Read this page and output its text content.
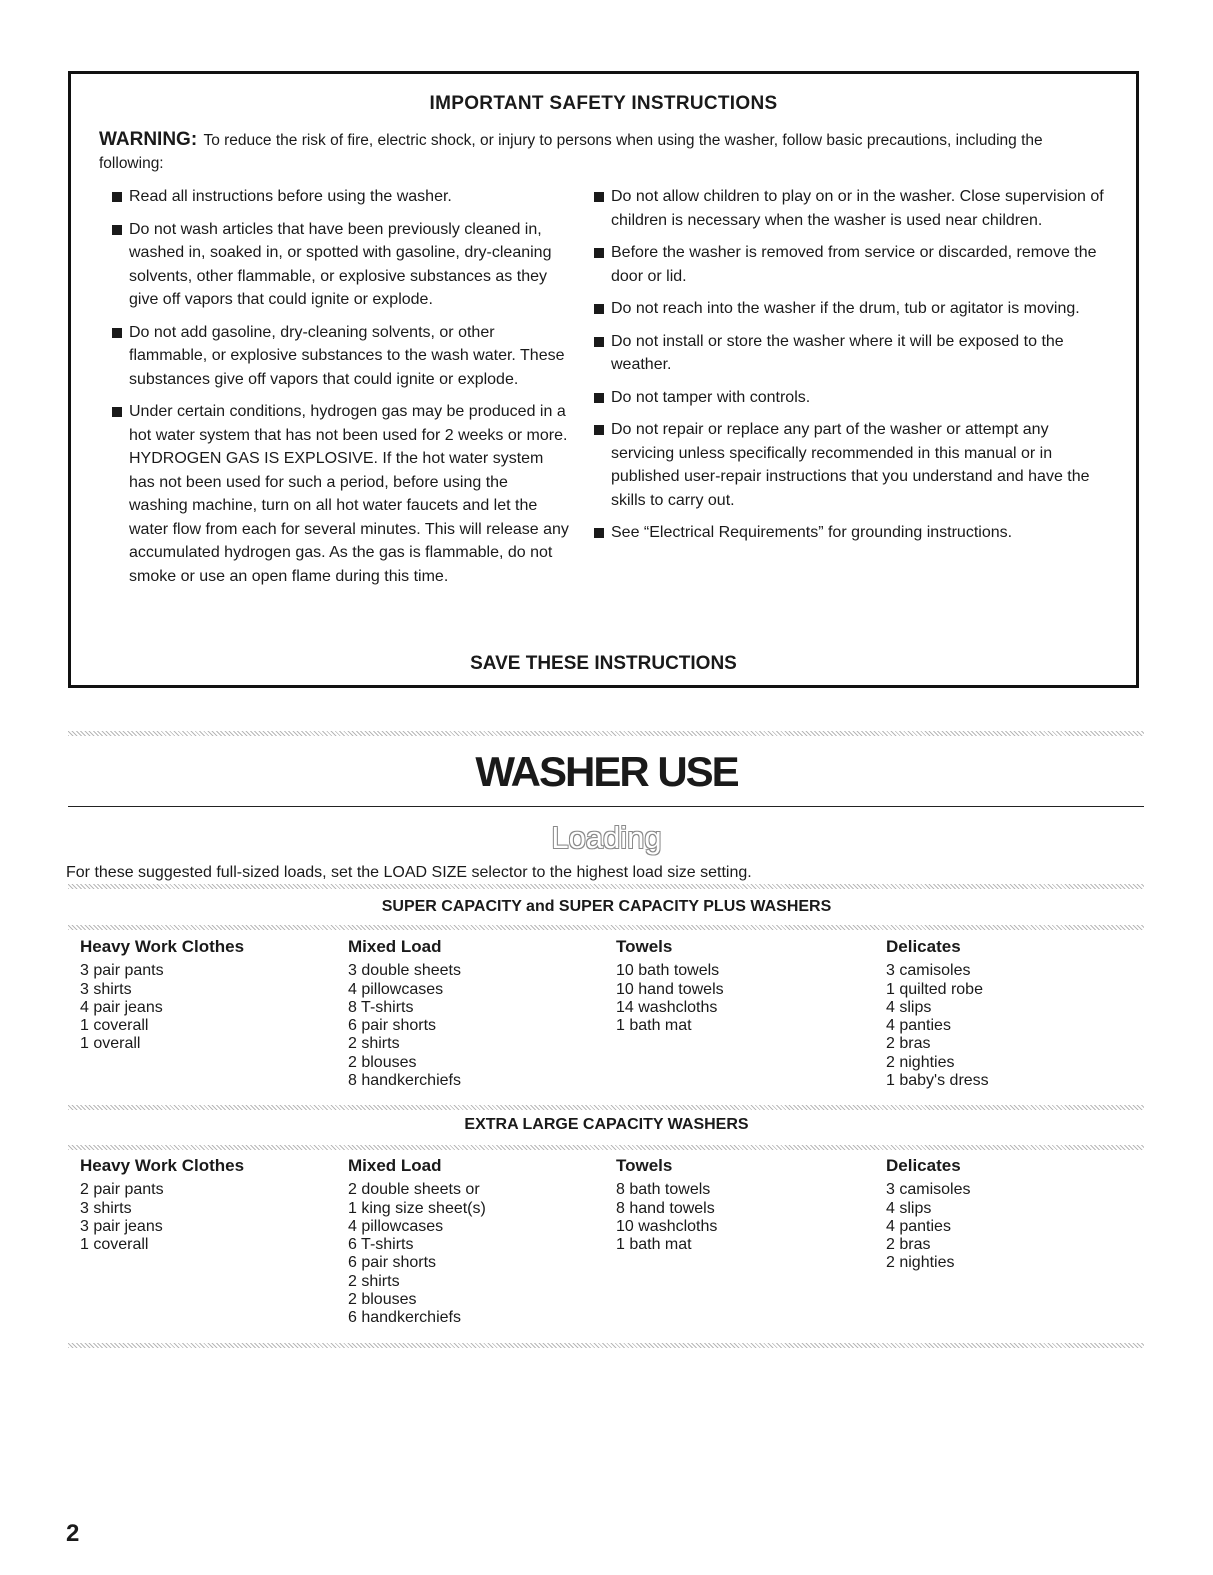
IMPORTANT SAFETY INSTRUCTIONS
WARNING: To reduce the risk of fire, electric shock, or injury to persons when using the washer, follow basic precautions, including the following:
Read all instructions before using the washer.
Do not wash articles that have been previously cleaned in, washed in, soaked in, or spotted with gasoline, dry-cleaning solvents, other flammable, or explosive substances as they give off vapors that could ignite or explode.
Do not add gasoline, dry-cleaning solvents, or other flammable, or explosive substances to the wash water. These substances give off vapors that could ignite or explode.
Under certain conditions, hydrogen gas may be produced in a hot water system that has not been used for 2 weeks or more. HYDROGEN GAS IS EXPLOSIVE. If the hot water system has not been used for such a period, before using the washing machine, turn on all hot water faucets and let the water flow from each for several minutes. This will release any accumulated hydrogen gas. As the gas is flammable, do not smoke or use an open flame during this time.
Do not allow children to play on or in the washer. Close supervision of children is necessary when the washer is used near children.
Before the washer is removed from service or discarded, remove the door or lid.
Do not reach into the washer if the drum, tub or agitator is moving.
Do not install or store the washer where it will be exposed to the weather.
Do not tamper with controls.
Do not repair or replace any part of the washer or attempt any servicing unless specifically recommended in this manual or in published user-repair instructions that you understand and have the skills to carry out.
See “Electrical Requirements” for grounding instructions.
SAVE THESE INSTRUCTIONS
WASHER USE
Loading
For these suggested full-sized loads, set the LOAD SIZE selector to the highest load size setting.
SUPER CAPACITY and SUPER CAPACITY PLUS WASHERS
Heavy Work Clothes
3 pair pants
3 shirts
4 pair jeans
1 coverall
1 overall
Mixed Load
3 double sheets
4 pillowcases
8 T-shirts
6 pair shorts
2 shirts
2 blouses
8 handkerchiefs
Towels
10 bath towels
10 hand towels
14 washcloths
1 bath mat
Delicates
3 camisoles
1 quilted robe
4 slips
4 panties
2 bras
2 nighties
1 baby's dress
EXTRA LARGE CAPACITY WASHERS
Heavy Work Clothes
2 pair pants
3 shirts
3 pair jeans
1 coverall
Mixed Load
2 double sheets or
1 king size sheet(s)
4 pillowcases
6 T-shirts
6 pair shorts
2 shirts
2 blouses
6 handkerchiefs
Towels
8 bath towels
8 hand towels
10 washcloths
1 bath mat
Delicates
3 camisoles
4 slips
4 panties
2 bras
2 nighties
2
